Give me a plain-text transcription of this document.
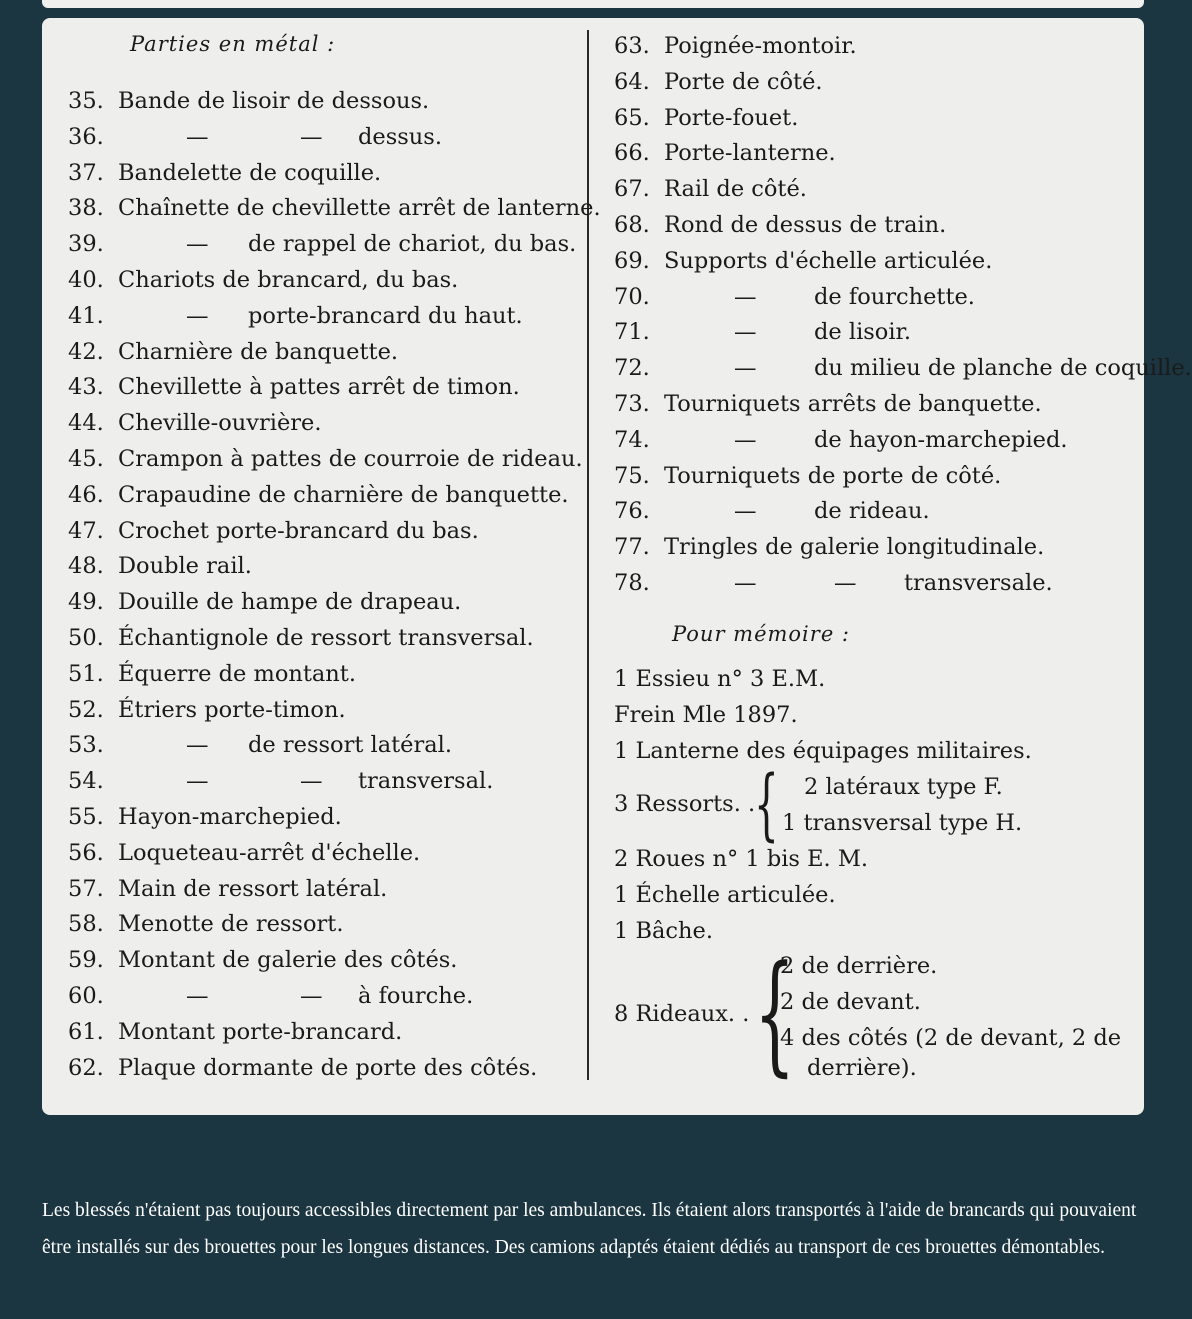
Parties en métal :
35. Bande de lisoir de dessous.
36.	—	— dessus.
37. Bandelette de coquille.
38. Chaînette de chevillette arrêt de lanterne.
39.	— de rappel de chariot, du bas.
40. Chariots de brancard, du bas.
41.	— porte-brancard du haut.
42. Charnière de banquette.
43. Chevillette à pattes arrêt de timon.
44. Cheville-ouvrière.
45. Crampon à pattes de courroie de rideau.
46. Crapaudine de charnière de banquette.
47. Crochet porte-brancard du bas.
48. Double rail.
49. Douille de hampe de drapeau.
50. Échantignole de ressort transversal.
51. Équerre de montant.
52. Étriers porte-timon.
53.	— de ressort latéral.
54.	—	— transversal.
55. Hayon-marchepied.
56. Loqueteau-arrêt d'échelle.
57. Main de ressort latéral.
58. Menotte de ressort.
59. Montant de galerie des côtés.
60.	—	— à fourche.
61. Montant porte-brancard.
62. Plaque dormante de porte des côtés.
63. Poignée-montoir.
64. Porte de côté.
65. Porte-fouet.
66. Porte-lanterne.
67. Rail de côté.
68. Rond de dessus de train.
69. Supports d'échelle articulée.
70.	—	de fourchette.
71.	—	de lisoir.
72.	—	du milieu de planche de coquille.
73. Tourniquets arrêts de banquette.
74.	—	de hayon-marchepied.
75. Tourniquets de porte de côté.
76.	—	de rideau.
77. Tringles de galerie longitudinale.
78.	—	— transversale.
Pour mémoire :
1 Essieu n° 3 E.M.
Frein Mle 1897.
1 Lanterne des équipages militaires.
3 Ressorts. .
{ 2 latéraux type F.
1 transversal type H.
2 Roues n° 1 bis E. M.
1 Échelle articulée.
1 Bâche.
8 Rideaux. . {
2 de derrière.
2 de devant.
4 des côtés (2 de devant, 2 de
derrière).
Les blessés n'étaient pas toujours accessibles directement par les ambulances. Ils étaient alors transportés à l'aide de brancards qui pouvaient être installés sur des brouettes pour les longues distances. Des camions adaptés étaient dédiés au transport de ces brouettes démontables.
